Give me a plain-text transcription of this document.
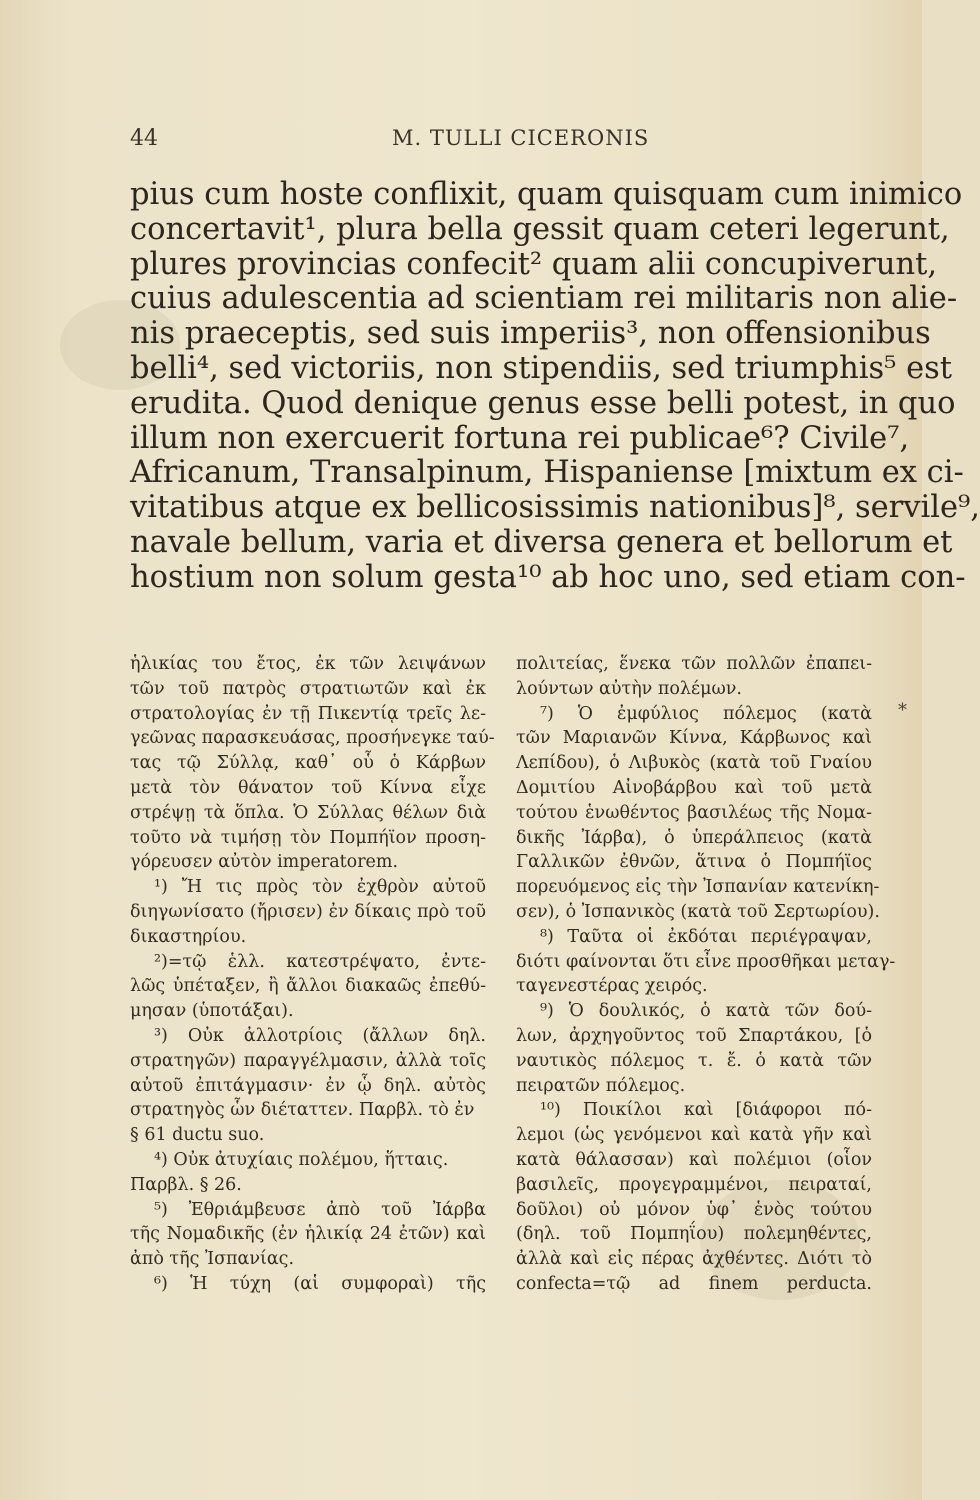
44	M. TULLI CICERONIS
pius cum hoste conflixit, quam quisquam cum inimico
concertavit¹, plura bella gessit quam ceteri legerunt,
plures provincias confecit² quam alii concupiverunt,
cuius adulescentia ad scientiam rei militaris non alie-
nis praeceptis, sed suis imperiis³, non offensionibus
belli⁴, sed victoriis, non stipendiis, sed triumphis⁵ est
erudita. Quod denique genus esse belli potest, in quo
illum non exercuerit fortuna rei publicae⁶? Civile⁷,
Africanum, Transalpinum, Hispaniense [mixtum ex ci-
vitatibus atque ex bellicosissimis nationibus]⁸, servile⁹,
navale bellum, varia et diversa genera et bellorum et
hostium non solum gesta¹⁰ ab hoc uno, sed etiam con-
ἡλικίας του ἔτος, ἐκ τῶν λειψάνων
τῶν τοῦ πατρὸς στρατιωτῶν καὶ ἐκ
στρατολογίας ἐν τῇ Πικεντίᾳ τρεῖς λε-
γεῶνας παρασκευάσας, προσήνεγκε ταύ-
τας τῷ Σύλλᾳ, καθ᾽ οὗ ὁ Κάρβων
μετὰ τὸν θάνατον τοῦ Κίννα εἶχε
στρέψῃ τὰ ὅπλα. Ὁ Σύλλας θέλων διὰ
τοῦτο νὰ τιμήσῃ τὸν Πομπήϊον προση-
γόρευσεν αὐτὸν imperatorem.
¹) Ἤ τις πρὸς τὸν ἐχθρὸν αὐτοῦ
διηγωνίσατο (ἤρισεν) ἐν δίκαις πρὸ τοῦ
δικαστηρίου.
²)=τῷ ἑλλ. κατεστρέψατο, ἐντε-
λῶς ὑπέταξεν, ἢ ἄλλοι διακαῶς ἐπεθύ-
μησαν (ὑποτάξαι).
³) Οὐκ ἀλλοτρίοις (ἄλλων δηλ.
στρατηγῶν) παραγγέλμασιν, ἀλλὰ τοῖς
αὐτοῦ ἐπιτάγμασιν· ἐν ᾧ δηλ. αὐτὸς
στρατηγὸς ὧν διέταττεν. Παρβλ. τὸ ἐν
§ 61 ductu suo.
⁴) Οὐκ ἀτυχίαις πολέμου, ἥτταις.
Παρβλ. § 26.
⁵) Ἐθριάμβευσε ἀπὸ τοῦ Ἰάρβα
τῆς Νομαδικῆς (ἐν ἡλικίᾳ 24 ἐτῶν) καὶ
ἀπὸ τῆς Ἰσπανίας.
⁶) Ἡ τύχη (αἱ συμφοραὶ) τῆς
πολιτείας, ἕνεκα τῶν πολλῶν ἐπαπει-
λούντων αὐτὴν πολέμων.
⁷) Ὁ ἐμφύλιος πόλεμος (κατὰ
τῶν Μαριανῶν Κίννα, Κάρβωνος καὶ
Λεπίδου), ὁ Λιβυκὸς (κατὰ τοῦ Γναίου
Δομιτίου Αἰνοβάρβου καὶ τοῦ μετὰ
τούτου ἑνωθέντος βασιλέως τῆς Νομα-
δικῆς Ἰάρβα), ὁ ὑπεράλπειος (κατὰ
Γαλλικῶν ἐθνῶν, ἅτινα ὁ Πομπήϊος
πορευόμενος εἰς τὴν Ἰσπανίαν κατενίκη-
σεν), ὁ Ἰσπανικὸς (κατὰ τοῦ Σερτωρίου).
⁸) Ταῦτα οἱ ἐκδόται περιέγραψαν,
διότι φαίνονται ὅτι εἶνε προσθῆκαι μεταγ-
ταγενεστέρας χειρός.
⁹) Ὁ δουλικός, ὁ κατὰ τῶν δού-
λων, ἀρχηγοῦντος τοῦ Σπαρτάκου, [ὁ
ναυτικὸς πόλεμος τ. ἔ. ὁ κατὰ τῶν
πειρατῶν πόλεμος.
¹⁰) Ποικίλοι καὶ [διάφοροι πό-
λεμοι (ὡς γενόμενοι καὶ κατὰ γῆν καὶ
κατὰ θάλασσαν) καὶ πολέμιοι (οἷον
βασιλεῖς, προγεγραμμένοι, πειραταί,
δοῦλοι) οὐ μόνον ὑφ᾽ ἑνὸς τούτου
(δηλ. τοῦ Πομπηΐου) πολεμηθέντες,
ἀλλὰ καὶ εἰς πέρας ἀχθέντες. Διότι τὸ
confecta=τῷ ad finem perducta.
*
